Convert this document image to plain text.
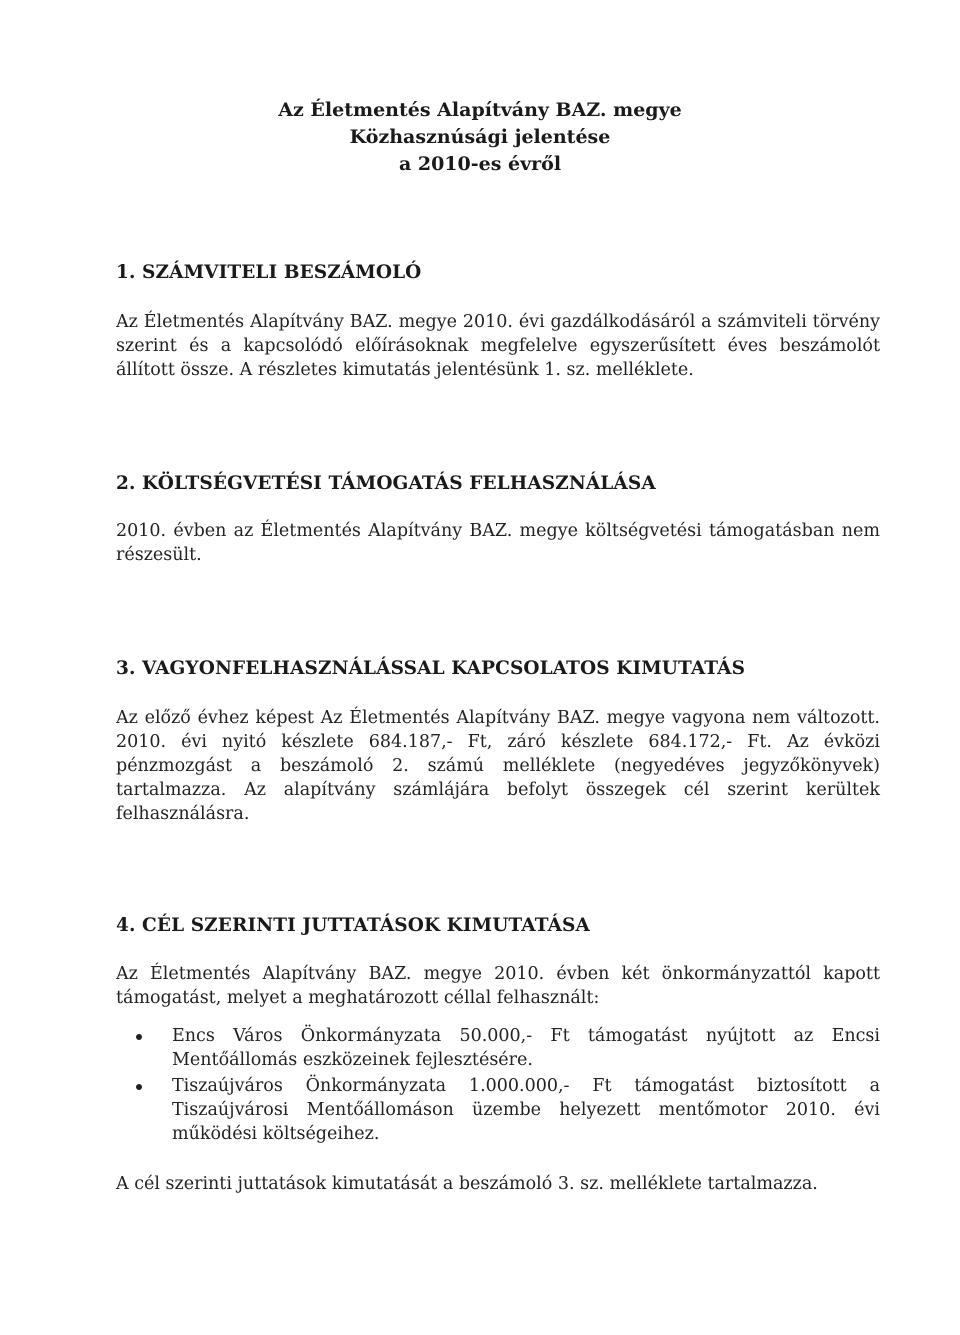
Az Életmentés Alapítvány BAZ. megye
Közhasznúsági jelentése
a 2010-es évről
1. SZÁMVITELI BESZÁMOLÓ
Az Életmentés Alapítvány BAZ. megye 2010. évi gazdálkodásáról a számviteli törvény szerint és a kapcsolódó előírásoknak megfelelve egyszerűsített éves beszámolót állított össze. A részletes kimutatás jelentésünk 1. sz. melléklete.
2. KÖLTSÉGVETÉSI TÁMOGATÁS FELHASZNÁLÁSA
2010. évben az Életmentés Alapítvány BAZ. megye költségvetési támogatásban nem részesült.
3. VAGYONFELHASZNÁLÁSSAL KAPCSOLATOS KIMUTATÁS
Az előző évhez képest Az Életmentés Alapítvány BAZ. megye vagyona nem változott. 2010. évi nyitó készlete 684.187,- Ft, záró készlete 684.172,- Ft. Az évközi pénzmozgást a beszámoló 2. számú melléklete (negyedéves jegyzőkönyvek) tartalmazza. Az alapítvány számlájára befolyt összegek cél szerint kerültek felhasználásra.
4. CÉL SZERINTI JUTTATÁSOK KIMUTATÁSA
Az Életmentés Alapítvány BAZ. megye 2010. évben két önkormányzattól kapott támogatást, melyet a meghatározott céllal felhasznált:
Encs Város Önkormányzata 50.000,- Ft támogatást nyújtott az Encsi Mentőállomás eszközeinek fejlesztésére.
Tiszaújváros Önkormányzata 1.000.000,- Ft támogatást biztosított a Tiszaújvárosi Mentőállomáson üzembe helyezett mentőmotor 2010. évi működési költségeihez.
A cél szerinti juttatások kimutatását a beszámoló 3. sz. melléklete tartalmazza.
